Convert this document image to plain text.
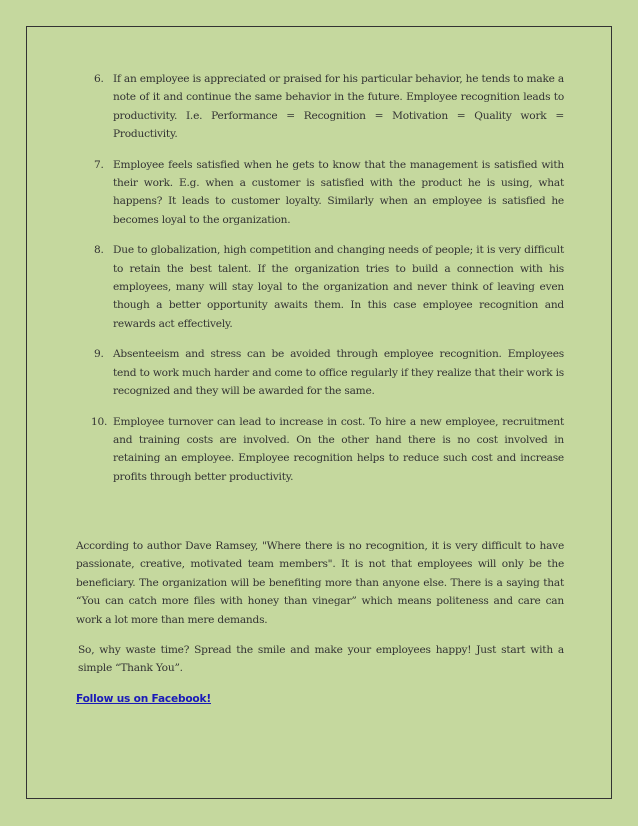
6. If an employee is appreciated or praised for his particular behavior, he tends to make a note of it and continue the same behavior in the future. Employee recognition leads to productivity. I.e. Performance = Recognition = Motivation = Quality work = Productivity.
7. Employee feels satisfied when he gets to know that the management is satisfied with their work. E.g. when a customer is satisfied with the product he is using, what happens? It leads to customer loyalty. Similarly when an employee is satisfied he becomes loyal to the organization.
8. Due to globalization, high competition and changing needs of people; it is very difficult to retain the best talent. If the organization tries to build a connection with his employees, many will stay loyal to the organization and never think of leaving even though a better opportunity awaits them. In this case employee recognition and rewards act effectively.
9. Absenteeism and stress can be avoided through employee recognition. Employees tend to work much harder and come to office regularly if they realize that their work is recognized and they will be awarded for the same.
10. Employee turnover can lead to increase in cost. To hire a new employee, recruitment and training costs are involved. On the other hand there is no cost involved in retaining an employee. Employee recognition helps to reduce such cost and increase profits through better productivity.

According to author Dave Ramsey, "Where there is no recognition, it is very difficult to have passionate, creative, motivated team members". It is not that employees will only be the beneficiary. The organization will be benefiting more than anyone else. There is a saying that “You can catch more files with honey than vinegar” which means politeness and care can work a lot more than mere demands.

So, why waste time? Spread the smile and make your employees happy! Just start with a simple “Thank You”.

Follow us on Facebook!
